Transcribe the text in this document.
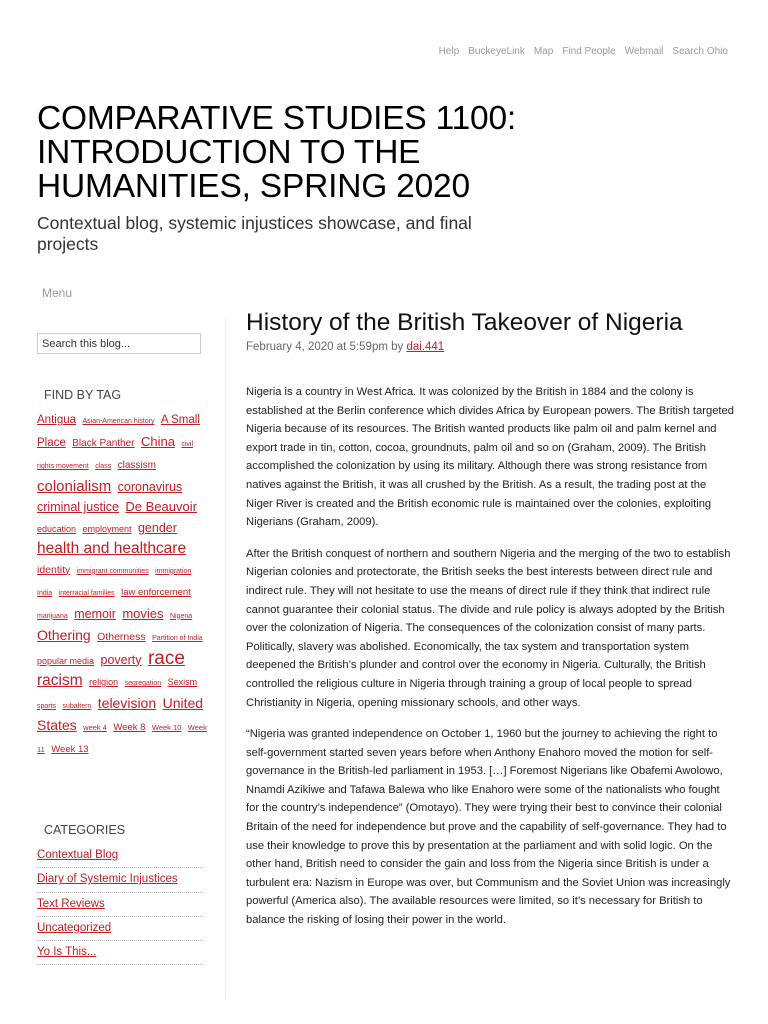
Help BuckeyeLink Map Find People Webmail Search Ohio
COMPARATIVE STUDIES 1100: INTRODUCTION TO THE HUMANITIES, SPRING 2020
Contextual blog, systemic injustices showcase, and final projects
Menu
Search this blog...
FIND BY TAG
Antigua Asian-American history A Small Place Black Panther China civil rights movement class classism colonialism coronavirus criminal justice De Beauvoir education employment gender health and healthcare identity immigrant communities immigration India interracial families law enforcement marijuana memoir movies Nigeria Othering Otherness Partition of India popular media poverty race racism religion segregation Sexism sports subaltern television United States week 4 Week 8 Week 10 Week 11 Week 13
CATEGORIES
Contextual Blog
Diary of Systemic Injustices
Text Reviews
Uncategorized
Yo Is This...
History of the British Takeover of Nigeria
February 4, 2020 at 5:59pm by dai.441

Nigeria is a country in West Africa. It was colonized by the British in 1884 and the colony is established at the Berlin conference which divides Africa by European powers. The British targeted Nigeria because of its resources. The British wanted products like palm oil and palm kernel and export trade in tin, cotton, cocoa, groundnuts, palm oil and so on (Graham, 2009). The British accomplished the colonization by using its military. Although there was strong resistance from natives against the British, it was all crushed by the British. As a result, the trading post at the Niger River is created and the British economic rule is maintained over the colonies, exploiting Nigerians (Graham, 2009).

After the British conquest of northern and southern Nigeria and the merging of the two to establish Nigerian colonies and protectorate, the British seeks the best interests between direct rule and indirect rule. They will not hesitate to use the means of direct rule if they think that indirect rule cannot guarantee their colonial status. The divide and rule policy is always adopted by the British over the colonization of Nigeria. The consequences of the colonization consist of many parts. Politically, slavery was abolished. Economically, the tax system and transportation system deepened the British’s plunder and control over the economy in Nigeria. Culturally, the British controlled the religious culture in Nigeria through training a group of local people to spread Christianity in Nigeria, opening missionary schools, and other ways.

“Nigeria was granted independence on October 1, 1960 but the journey to achieving the right to self-government started seven years before when Anthony Enahoro moved the motion for self-governance in the British-led parliament in 1953. […] Foremost Nigerians like Obafemi Awolowo, Nnamdi Azikiwe and Tafawa Balewa who like Enahoro were some of the nationalists who fought for the country’s independence” (Omotayo). They were trying their best to convince their colonial Britain of the need for independence but prove and the capability of self-governance. They had to use their knowledge to prove this by presentation at the parliament and with solid logic. On the other hand, British need to consider the gain and loss from the Nigeria since British is under a turbulent era: Nazism in Europe was over, but Communism and the Soviet Union was increasingly powerful (America also). The available resources were limited, so it’s necessary for British to balance the risking of losing their power in the world.
